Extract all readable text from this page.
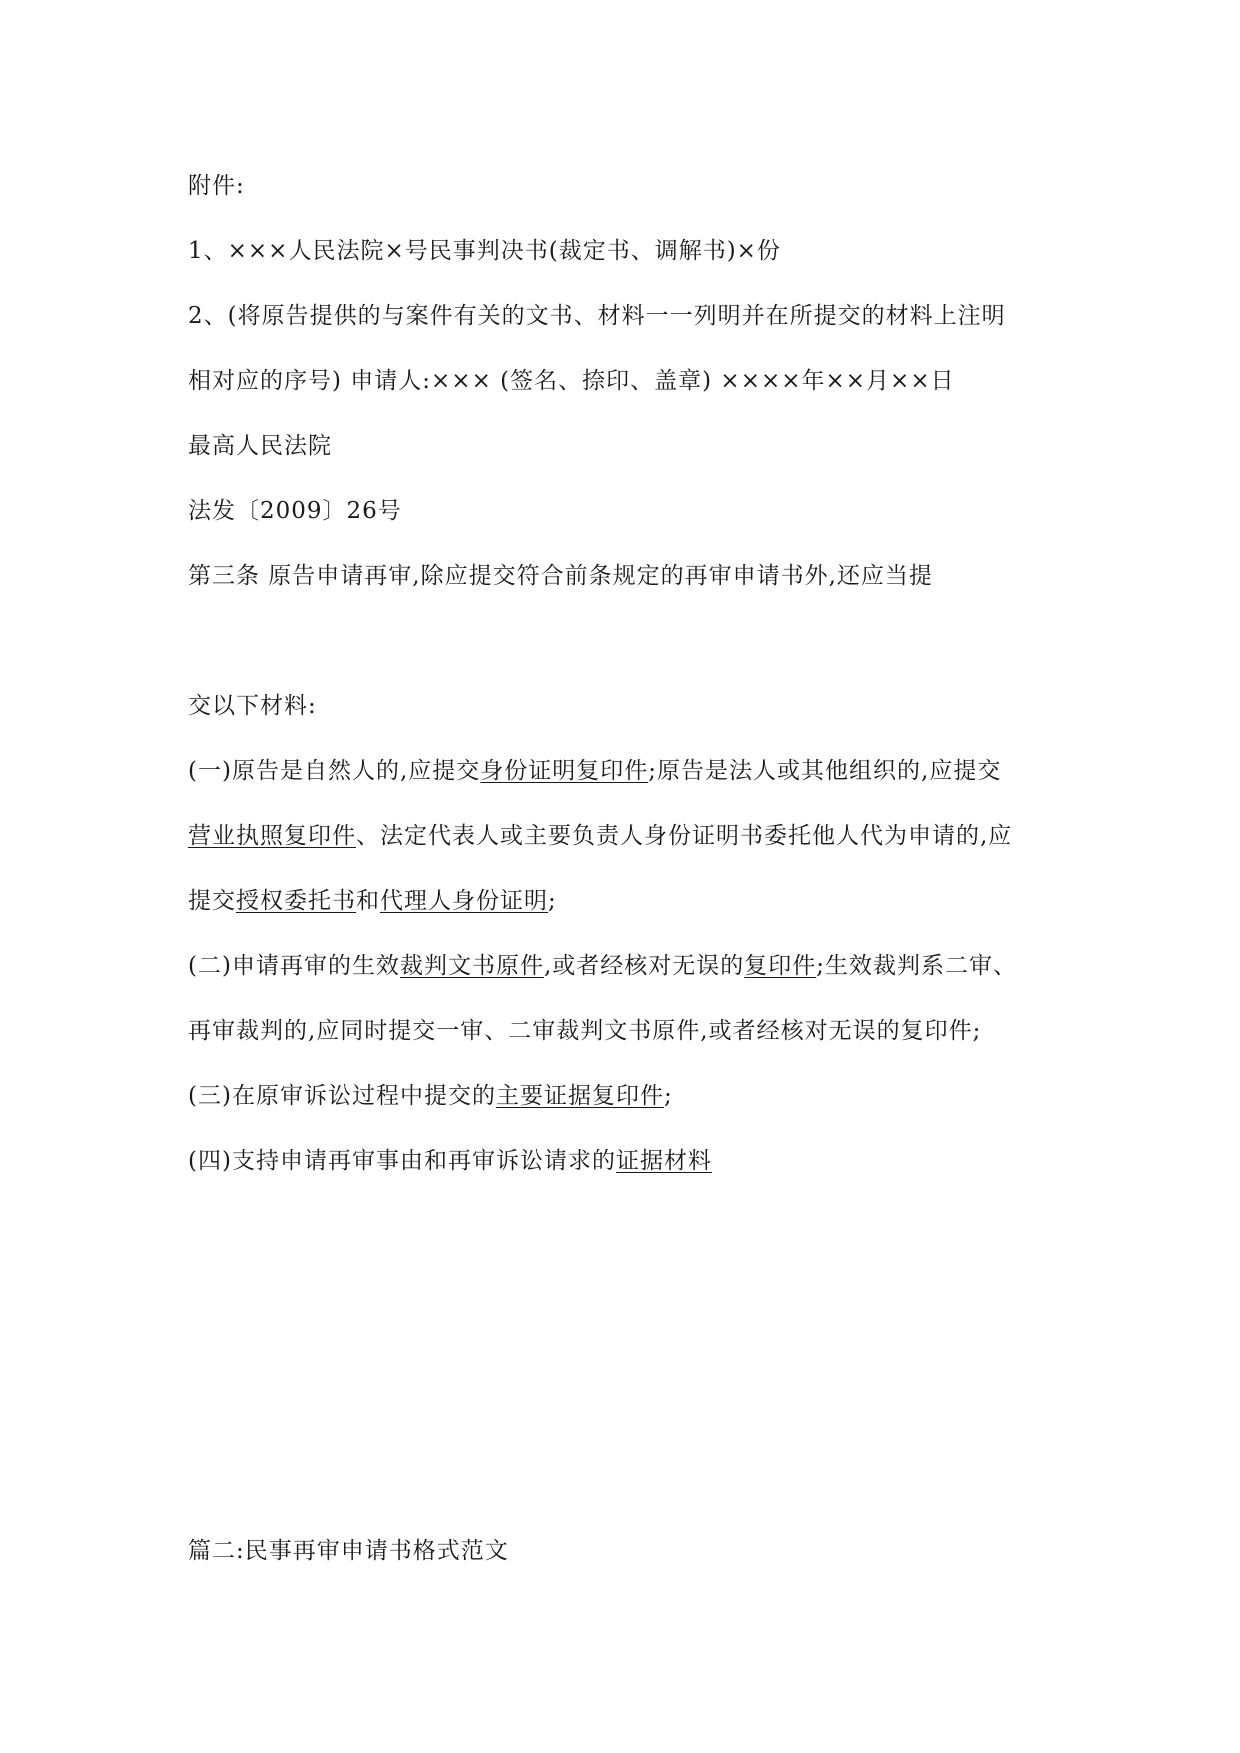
附件:
1、×××人民法院×号民事判决书(裁定书、调解书)×份
2、(将原告提供的与案件有关的文书、材料一一列明并在所提交的材料上注明
相对应的序号) 申请人:××× (签名、捺印、盖章) ××××年××月××日
最高人民法院
法发〔2009〕26号
第三条 原告申请再审,除应提交符合前条规定的再审申请书外,还应当提
交以下材料:
(一)原告是自然人的,应提交身份证明复印件;原告是法人或其他组织的,应提交
营业执照复印件、法定代表人或主要负责人身份证明书委托他人代为申请的,应
提交授权委托书和代理人身份证明;
(二)申请再审的生效裁判文书原件,或者经核对无误的复印件;生效裁判系二审、
再审裁判的,应同时提交一审、二审裁判文书原件,或者经核对无误的复印件;
(三)在原审诉讼过程中提交的主要证据复印件;
(四)支持申请再审事由和再审诉讼请求的证据材料
篇二:民事再审申请书格式范文
